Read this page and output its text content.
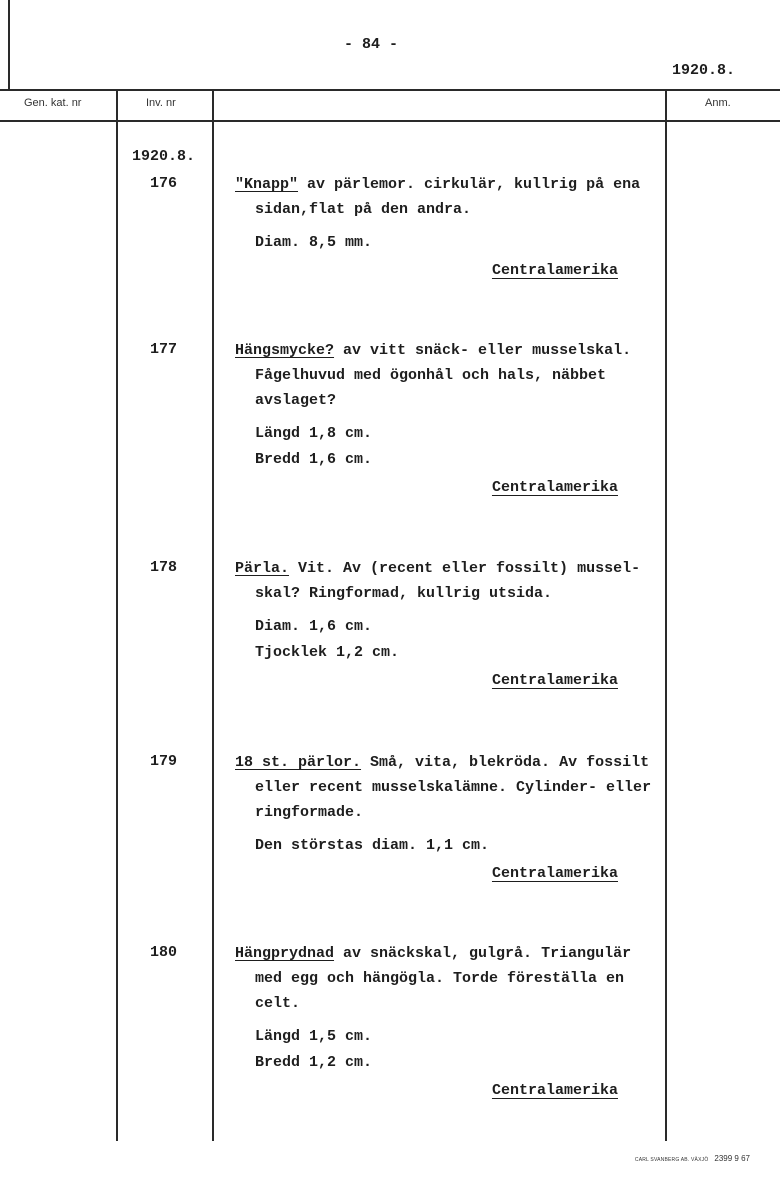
- 84 -
1920.8.
Gen. kat. nr	Inv. nr	Anm.
1920.8.
176	"Knapp" av pärlemor. cirkulär, kullrig på ena
sidan,flat på den andra.
Diam. 8,5 mm.
Centralamerika
177	Hängsmycke? av vitt snäck- eller musselskal.
Fågelhuvud med ögonhål och hals, näbbet
avslaget?
Längd 1,8 cm.
Bredd 1,6 cm.
Centralamerika
178	Pärla. Vit. Av (recent eller fossilt) mussel-
skal? Ringformad, kullrig utsida.
Diam. 1,6 cm.
Tjocklek 1,2 cm.
Centralamerika
179	18 st. pärlor. Små, vita, blekröda. Av fossilt
eller recent musselskalämne. Cylinder- eller
ringformade.
Den störstas diam. 1,1 cm.
Centralamerika
180	Hängprydnad av snäckskal, gulgrå. Triangulär
med egg och hängögla. Torde föreställa en
celt.
Längd 1,5 cm.
Bredd 1,2 cm.
Centralamerika
CARL SVANBERG AB. VÄXJÖ 2399 9 67
